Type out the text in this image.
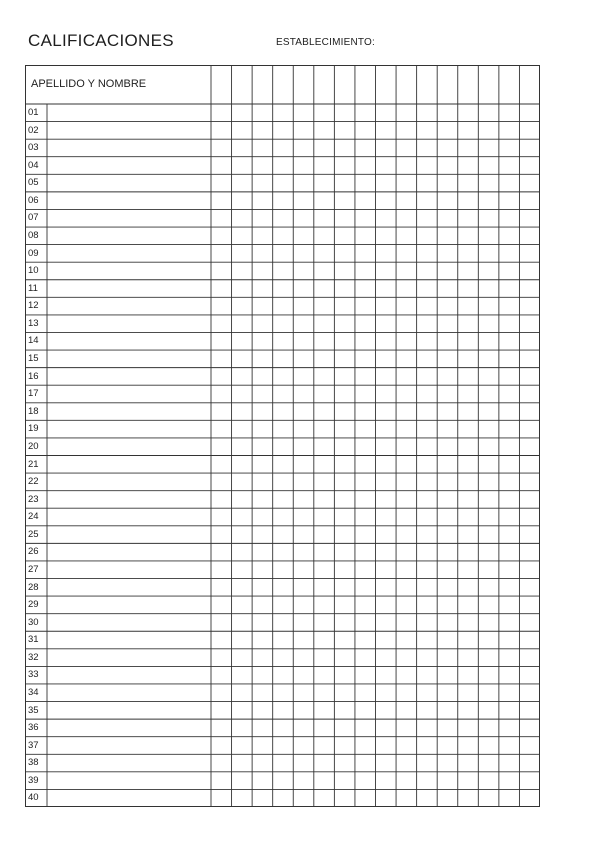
CALIFICACIONES	ESTABLECIMIENTO:
APELLIDO Y NOMBRE
01
02
03
04
05
06
07
08
09
10
11
12
13
14
15
16
17
18
19
20
21
22
23
24
25
26
27
28
29
30
31
32
33
34
35
36
37
38
39
40
